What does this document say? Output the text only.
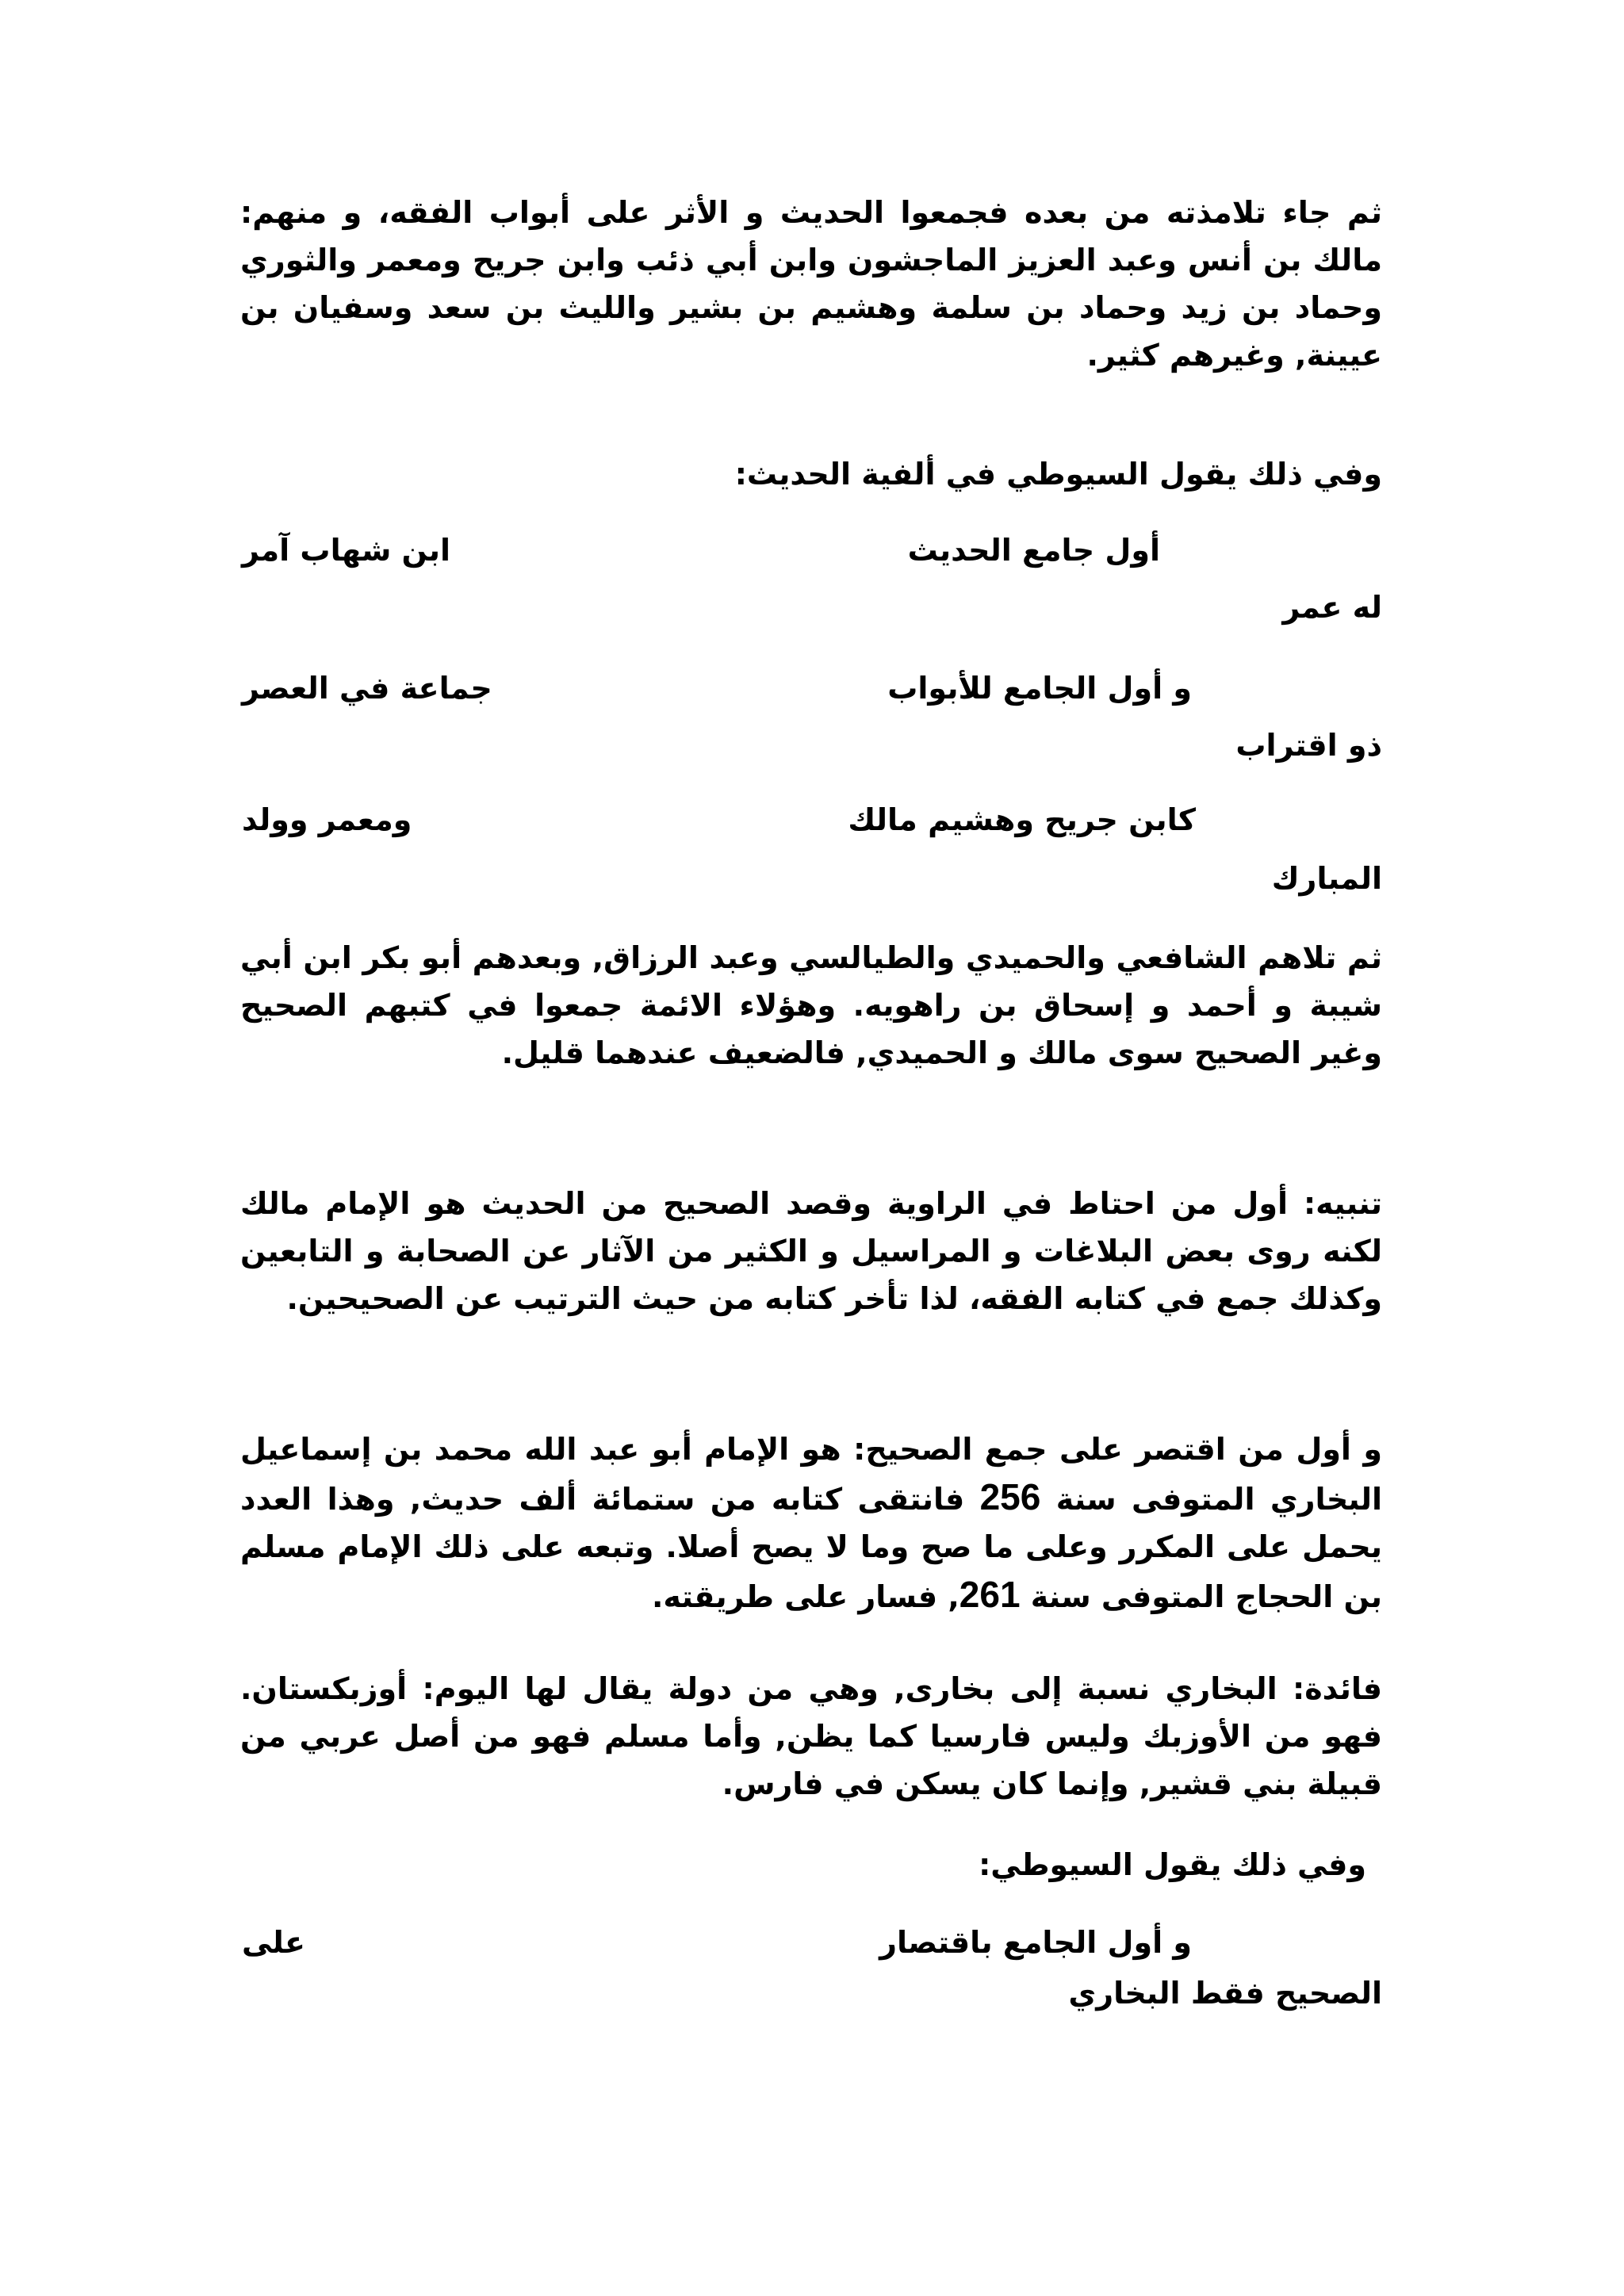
ثم جاء تلامذته من بعده فجمعوا الحديث و الأثر على أبواب الفقه، و منهم: مالك بن أنس وعبد العزيز الماجشون وابن أبي ذئب وابن جريح ومعمر والثوري وحماد بن زيد وحماد بن سلمة وهشيم بن بشير والليث بن سعد وسفيان بن عيينة, وغيرهم كثير.

وفي ذلك يقول السيوطي في ألفية الحديث:

أول جامع الحديث
ابن شهاب آمر
له عمر
و أول الجامع للأبواب
جماعة في العصر
ذو اقتراب
كابن جريح وهشيم مالك
ومعمر وولد
المبارك

ثم تلاهم الشافعي والحميدي والطيالسي وعبد الرزاق, وبعدهم أبو بكر ابن أبي شيبة و أحمد و إسحاق بن راهويه. وهؤلاء الائمة جمعوا في كتبهم الصحيح وغير الصحيح سوى مالك و الحميدي, فالضعيف عندهما قليل.

تنبيه: أول من احتاط في الراوية وقصد الصحيح من الحديث هو الإمام مالك لكنه روى بعض البلاغات و المراسيل و الكثير من الآثار عن الصحابة و التابعين وكذلك جمع في كتابه الفقه، لذا تأخر كتابه من حيث الترتيب عن الصحيحين.

و أول من اقتصر على جمع الصحيح: هو الإمام أبو عبد الله محمد بن إسماعيل البخاري المتوفى سنة 256 فانتقى كتابه من ستمائة ألف حديث, وهذا العدد يحمل على المكرر وعلى ما صح وما لا يصح أصلا. وتبعه على ذلك الإمام مسلم بن الحجاج المتوفى سنة 261, فسار على طريقته.

فائدة: البخاري نسبة إلى بخارى, وهي من دولة يقال لها اليوم: أوزبكستان. فهو من الأوزبك وليس فارسيا كما يظن, وأما مسلم فهو من أصل عربي من قبيلة بني قشير, وإنما كان يسكن في فارس.

وفي ذلك يقول السيوطي:

و أول الجامع باقتصار
على
الصحيح فقط البخاري
